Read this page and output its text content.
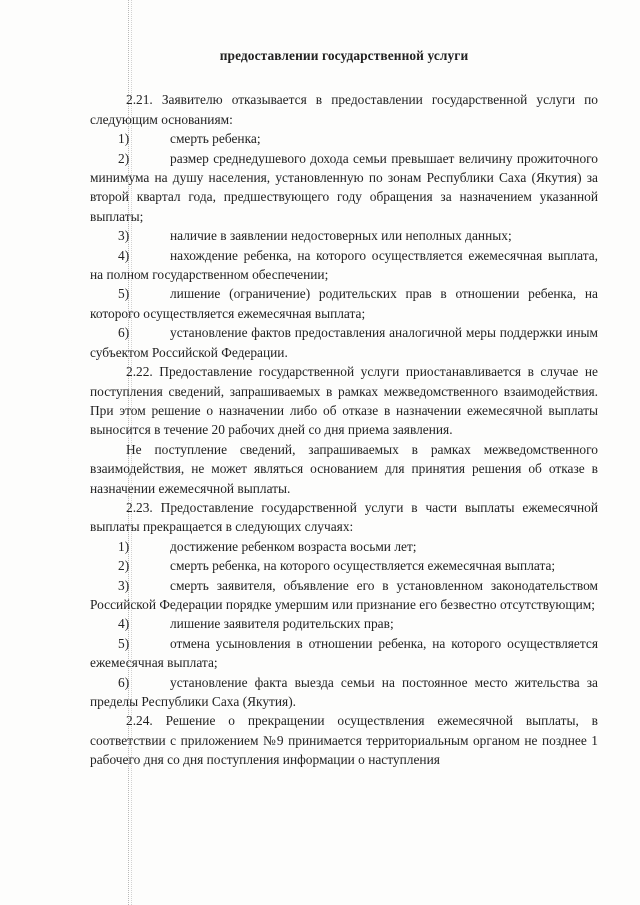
предоставлении государственной услуги

2.21. Заявителю отказывается в предоставлении государственной услуги по следующим основаниям:

1)	смерть ребенка;

2)	размер среднедушевого дохода семьи превышает величину прожиточного минимума на душу населения, установленную по зонам Республики Саха (Якутия) за второй квартал года, предшествующего году обращения за назначением указанной выплаты;

3)	наличие в заявлении недостоверных или неполных данных;

4)	нахождение ребенка, на которого осуществляется ежемесячная выплата, на полном государственном обеспечении;

5)	лишение (ограничение) родительских прав в отношении ребенка, на которого осуществляется ежемесячная выплата;

6)	установление фактов предоставления аналогичной меры поддержки иным субъектом Российской Федерации.

2.22. Предоставление государственной услуги приостанавливается в случае не поступления сведений, запрашиваемых в рамках межведомственного взаимодействия. При этом решение о назначении либо об отказе в назначении ежемесячной выплаты выносится в течение 20 рабочих дней со дня приема заявления.

Не поступление сведений, запрашиваемых в рамках межведомственного взаимодействия, не может являться основанием для принятия решения об отказе в назначении ежемесячной выплаты.

2.23. Предоставление государственной услуги в части выплаты ежемесячной выплаты прекращается в следующих случаях:

1)	достижение ребенком возраста восьми лет;

2)	смерть ребенка, на которого осуществляется ежемесячная выплата;

3)	смерть заявителя, объявление его в установленном законодательством Российской Федерации порядке умершим или признание его безвестно отсутствующим;

4)	лишение заявителя родительских прав;

5)	отмена усыновления в отношении ребенка, на которого осуществляется ежемесячная выплата;

6)	установление факта выезда семьи на постоянное место жительства за пределы Республики Саха (Якутия).

2.24. Решение о прекращении осуществления ежемесячной выплаты, в соответствии с приложением №9 принимается территориальным органом не позднее 1 рабочего дня со дня поступления информации о наступления
